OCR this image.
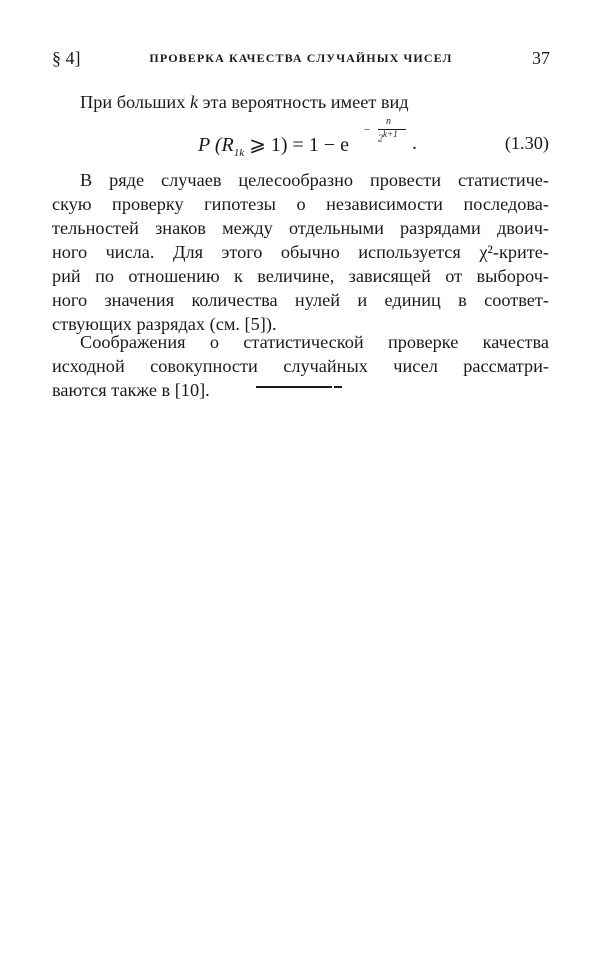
§ 4]	ПРОВЕРКА КАЧЕСТВА СЛУЧАЙНЫХ ЧИСЕЛ	37
При больших k эта вероятность имеет вид
P ($R_{1k}$ ⩾ 1) = 1 − e
−
n
$2^{k+1}$ .	(1.30)
В ряде случаев целесообразно провести статистиче-
скую проверку гипотезы о независимости последова-
тельностей знаков между отдельными разрядами двоич-
ного числа. Для этого обычно используется χ²-крите-
рий по отношению к величине, зависящей от выбороч-
ного значения количества нулей и единиц в соответ-
ствующих разрядах (см. [5]).
Соображения о статистической проверке качества
исходной совокупности случайных чисел рассматри-
ваются также в [10].
